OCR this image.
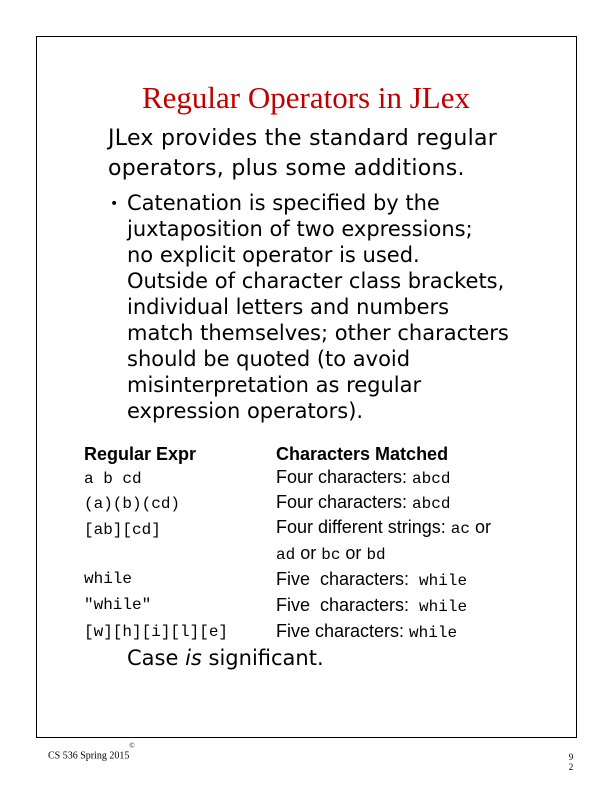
Regular Operators in JLex
JLex provides the standard regular
operators, plus some additions.
• Catenation is specified by the
juxtaposition of two expressions;
no explicit operator is used.
Outside of character class brackets,
individual letters and numbers
match themselves; other characters
should be quoted (to avoid
misinterpretation as regular
expression operators).
Regular Expr	Characters Matched
a b cd	Four characters: abcd
(a)(b)(cd)	Four characters: abcd
[ab][cd]	Four different strings: ac or
ad or bc or bd
while	Five  characters:  while
"while"	Five  characters:  while
[w][h][i][l][e]	Five characters: while
Case is significant.
CS 536 Spring 2015©
9
2
